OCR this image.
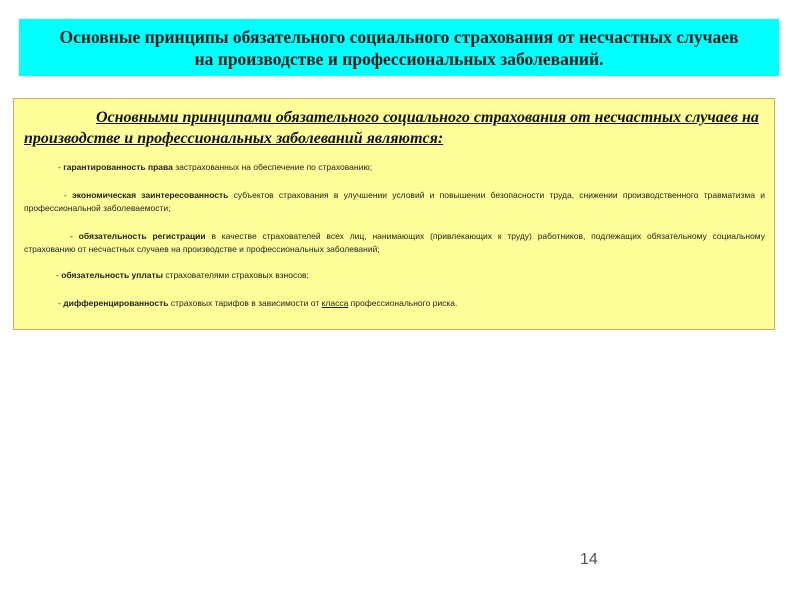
Основные принципы обязательного социального страхования от несчастных случаев на производстве и профессиональных заболеваний.

Основными принципами обязательного социального страхования от несчастных случаев на производстве и профессиональных заболеваний являются:

- гарантированность права застрахованных на обеспечение по страхованию;

- экономическая заинтересованность субъектов страхования в улучшении условий и повышении безопасности труда, снижении производственного травматизма и профессиональной заболеваемости;

- обязательность регистрации в качестве страхователей всех лиц, нанимающих (привлекающих к труду) работников, подлежащих обязательному социальному страхованию от несчастных случаев на производстве и профессиональных заболеваний;

- обязательность уплаты страхователями страховых взносов;

- дифференцированность страховых тарифов в зависимости от класса профессионального риска.

14
